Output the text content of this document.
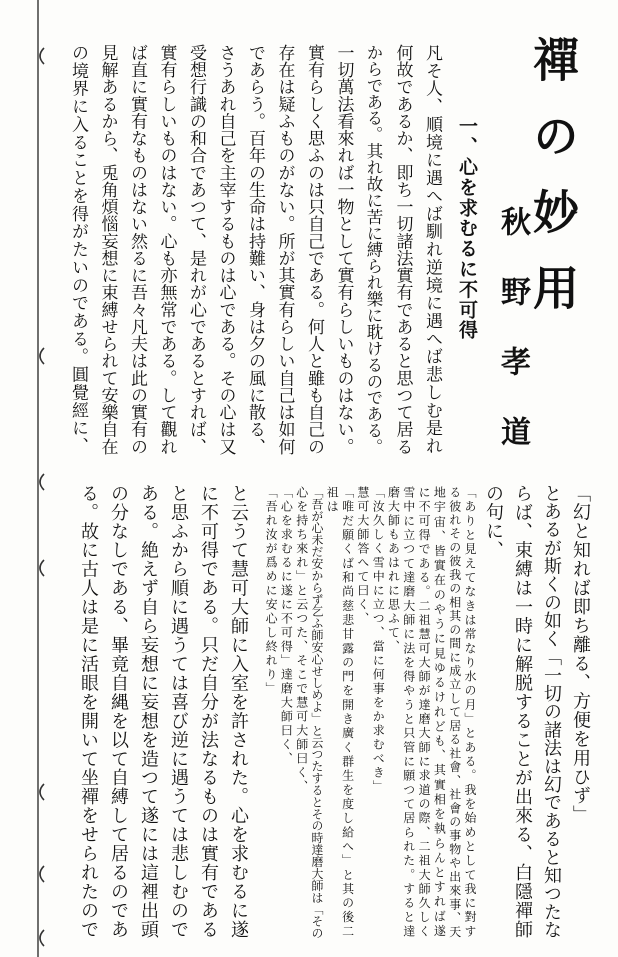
禪の妙用
秋野孝道
一、心を求むるに不可得
凡そ人、順境に遇へば馴れ逆境に遇へば悲しむ是れ
何故であるか、即ち一切諸法實有であると思つて居る
からである。其れ故に苦に縛られ樂に耽けるのである。
一切萬法看來れば一物として實有らしいものはない。
實有らしく思ふのは只自己である。何人と雖も自己の
存在は疑ふものがない。所が其實有らしい自己は如何
であらう。百年の生命は持難い、身は夕の風に散る、
さうあれ自己を主宰するものは心である。その心は又
受想行識の和合であつて、是れが心であるとすれば、
實有らしいものはない。心も亦無常である。して觀れ
ば直に實有なものはない然るに吾々凡夫は此の實有の
見解あるから、兎角煩惱妄想に束縛せられて安樂自在
の境界に入ることを得がたいのである。圓覺經に、
「幻と知れば即ち離る、方便を用ひず」
とあるが斯くの如く「一切の諸法は幻であると知つたな
らば、束縛は一時に解脱することが出來る、白隱禪師
の句に、
「ありと見えてなきは常なり水の月」とある。我を始めとして我に對す
る彼れその彼我の相其の間に成立して居る社會、社會の事物や出來事、天
地宇宙、皆實在のやうに見ゆるけれども、其實相を執らんとすれば遂
に不可得である。二祖慧可大師が達磨大師に求道の際、二祖大師久しく
雪中に立つて達磨大師に法を得やうと只管に願つて居られた。すると達
磨大師もあはれに思ふて、
「汝久しく雪中に立つ、當に何事をか求むべき」
慧可大師答へて曰く、
「唯だ願くば和尚慈悲甘露の門を開き廣く群生を度し給へ」と其の後二
祖は
「吾が心未だ安からず乞ふ師安心せしめよ」と云つたするとその時達磨大師は「その
心を持ち來れ」と云つた、そこで慧可大師曰く、
「心を求むるに遂に不可得」達磨大師曰く、
「吾れ汝が爲めに安心し終れり」
と云うて慧可大師に入室を許された。心を求むるに遂
に不可得である。只だ自分が法なるものは實有である
と思ふから順に遇うては喜び逆に遇うては悲しむので
ある。絶えず自ら妄想に妄想を造つて遂には這裡出頭
の分なしである、畢竟自縄を以て自縛して居るのであ
る。故に古人は是に活眼を開いて坐禪をせられたので
